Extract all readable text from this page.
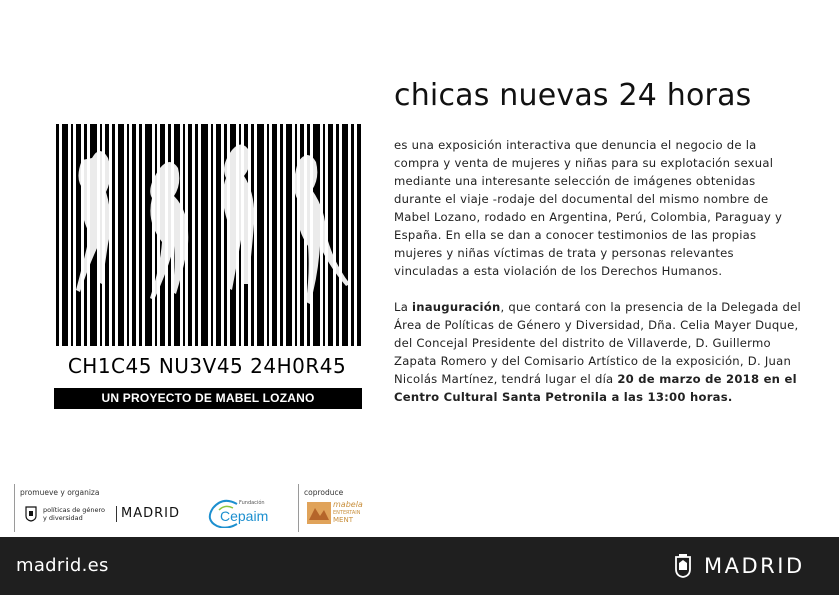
CH1C45 NU3V45 24H0R45
UN PROYECTO DE MABEL LOZANO
chicas nuevas 24 horas

es una exposición interactiva que denuncia el negocio de la compra y venta de mujeres y niñas para su explotación sexual mediante una interesante selección de imágenes obtenidas durante el viaje -rodaje del documental del mismo nombre de Mabel Lozano, rodado en Argentina, Perú, Colombia, Paraguay y España. En ella se dan a conocer testimonios de las propias mujeres y niñas víctimas de trata y personas relevantes vinculadas a esta violación de los Derechos Humanos.

La inauguración, que contará con la presencia de la Delegada del Área de Políticas de Género y Diversidad, Dña. Celia Mayer Duque, del Concejal Presidente del distrito de Villaverde, D. Guillermo Zapata Romero y del Comisario Artístico de la exposición, D. Juan Nicolás Martínez, tendrá lugar el día 20 de marzo de 2018 en el Centro Cultural Santa Petronila a las 13:00 horas.

promueve y organiza
políticas de género
y diversidad	MADRID
Fundación
Cepaim
coproduce
mabela
ENTERTAIN
MENT
madrid.es	MADRID
